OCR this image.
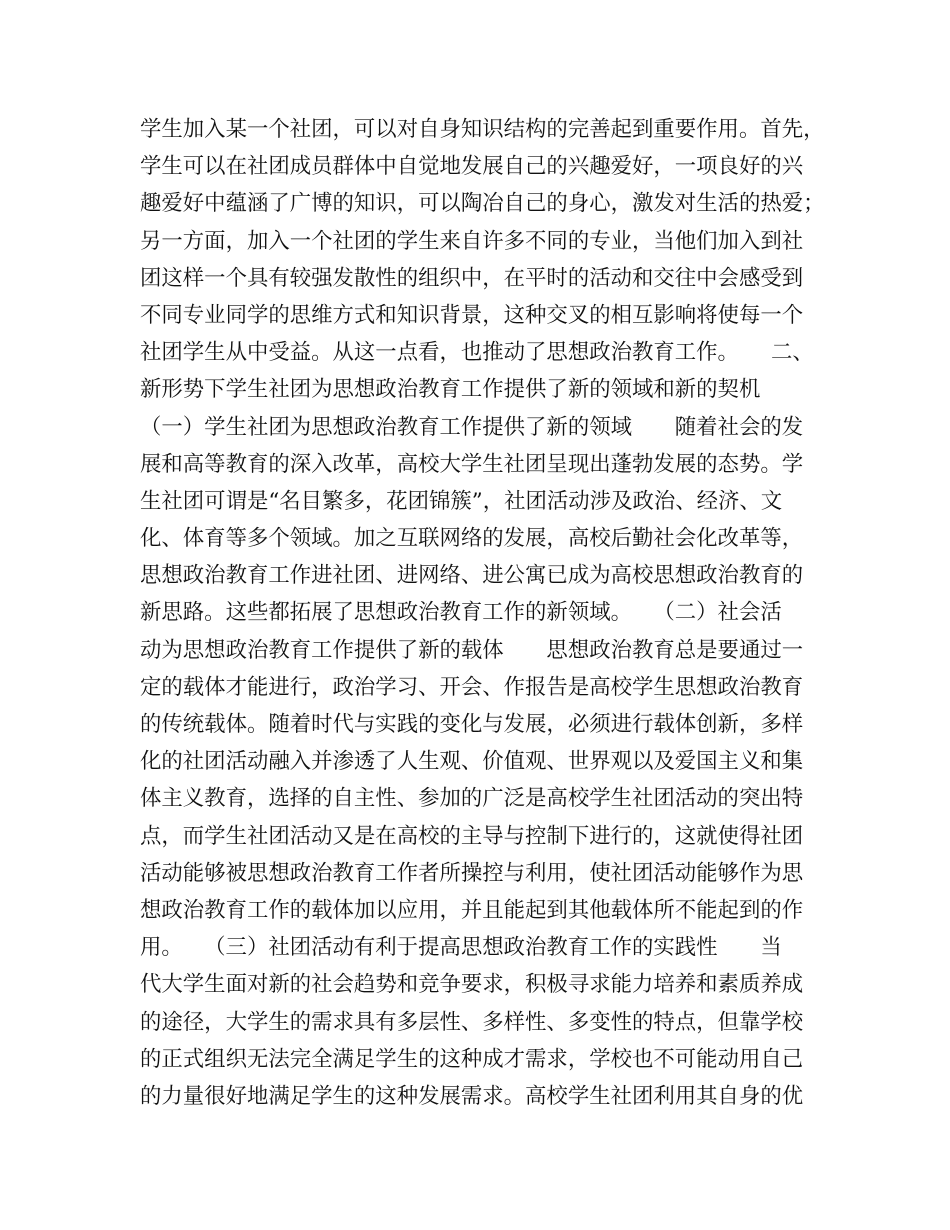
学生加入某一个社团，可以对自身知识结构的完善起到重要作用。首先，
学生可以在社团成员群体中自觉地发展自己的兴趣爱好，一项良好的兴
趣爱好中蕴涵了广博的知识，可以陶冶自己的身心，激发对生活的热爱；
另一方面，加入一个社团的学生来自许多不同的专业，当他们加入到社
团这样一个具有较强发散性的组织中，在平时的活动和交往中会感受到
不同专业同学的思维方式和知识背景，这种交叉的相互影响将使每一个
社团学生从中受益。从这一点看，也推动了思想政治教育工作。　　二、
新形势下学生社团为思想政治教育工作提供了新的领域和新的契机
（一）学生社团为思想政治教育工作提供了新的领域　　随着社会的发
展和高等教育的深入改革，高校大学生社团呈现出蓬勃发展的态势。学
生社团可谓是“名目繁多，花团锦簇”，社团活动涉及政治、经济、文
化、体育等多个领域。加之互联网络的发展，高校后勤社会化改革等，
思想政治教育工作进社团、进网络、进公寓已成为高校思想政治教育的
新思路。这些都拓展了思想政治教育工作的新领域。　　（二）社会活
动为思想政治教育工作提供了新的载体　　思想政治教育总是要通过一
定的载体才能进行，政治学习、开会、作报告是高校学生思想政治教育
的传统载体。随着时代与实践的变化与发展，必须进行载体创新，多样
化的社团活动融入并渗透了人生观、价值观、世界观以及爱国主义和集
体主义教育，选择的自主性、参加的广泛是高校学生社团活动的突出特
点，而学生社团活动又是在高校的主导与控制下进行的，这就使得社团
活动能够被思想政治教育工作者所操控与利用，使社团活动能够作为思
想政治教育工作的载体加以应用，并且能起到其他载体所不能起到的作
用。　　（三）社团活动有利于提高思想政治教育工作的实践性　　当
代大学生面对新的社会趋势和竞争要求，积极寻求能力培养和素质养成
的途径，大学生的需求具有多层性、多样性、多变性的特点，但靠学校
的正式组织无法完全满足学生的这种成才需求，学校也不可能动用自己
的力量很好地满足学生的这种发展需求。高校学生社团利用其自身的优
